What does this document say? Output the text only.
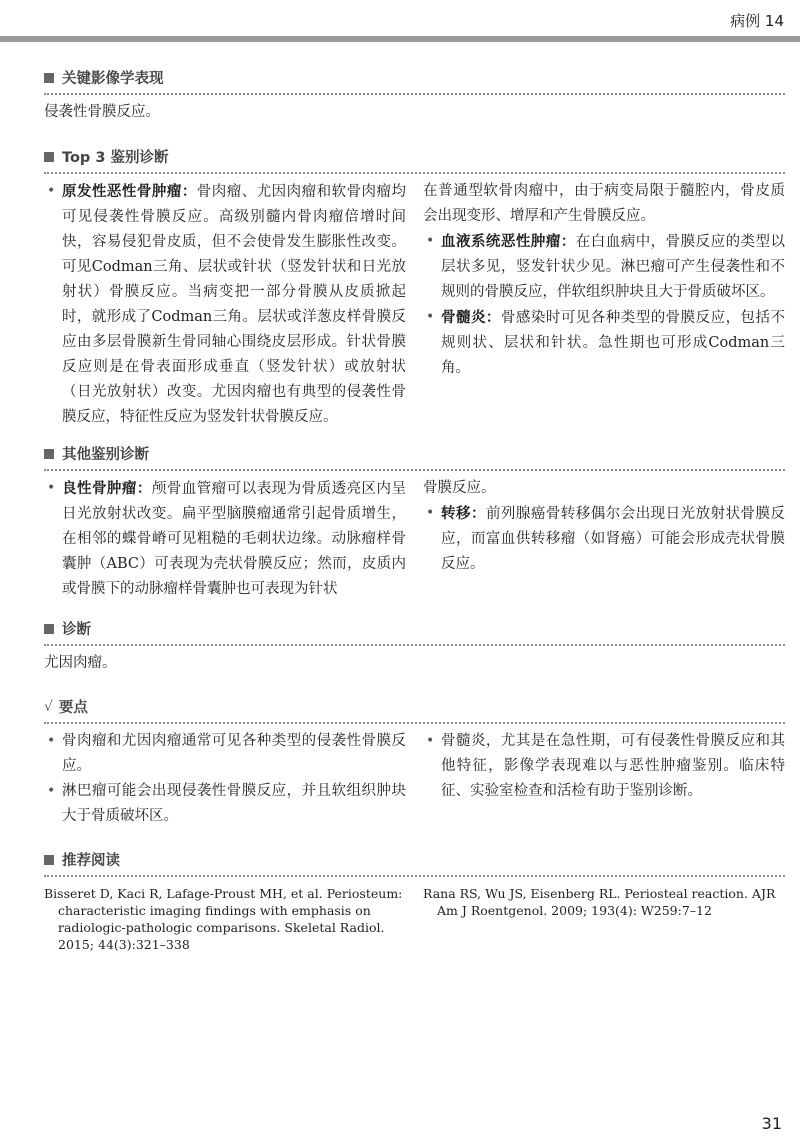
病例 14
关键影像学表现
侵袭性骨膜反应。
Top 3 鉴别诊断
• 原发性恶性骨肿瘤：骨肉瘤、尤因肉瘤和软骨肉瘤均可见侵袭性骨膜反应。高级别髓内骨肉瘤倍增时间快，容易侵犯骨皮质，但不会使骨发生膨胀性改变。可见Codman三角、层状或针状（竖发针状和日光放射状）骨膜反应。当病变把一部分骨膜从皮质掀起时，就形成了Codman三角。层状或洋葱皮样骨膜反应由多层骨膜新生骨同轴心围绕皮层形成。针状骨膜反应则是在骨表面形成垂直（竖发针状）或放射状（日光放射状）改变。尤因肉瘤也有典型的侵袭性骨膜反应，特征性反应为竖发针状骨膜反应。
在普通型软骨肉瘤中，由于病变局限于髓腔内，骨皮质会出现变形、增厚和产生骨膜反应。
• 血液系统恶性肿瘤：在白血病中，骨膜反应的类型以层状多见，竖发针状少见。淋巴瘤可产生侵袭性和不规则的骨膜反应，伴软组织肿块且大于骨质破坏区。
• 骨髓炎：骨感染时可见各种类型的骨膜反应，包括不规则状、层状和针状。急性期也可形成Codman三角。
其他鉴别诊断
• 良性骨肿瘤：颅骨血管瘤可以表现为骨质透亮区内呈日光放射状改变。扁平型脑膜瘤通常引起骨质增生，在相邻的蝶骨嵴可见粗糙的毛刺状边缘。动脉瘤样骨囊肿（ABC）可表现为壳状骨膜反应；然而，皮质内或骨膜下的动脉瘤样骨囊肿也可表现为针状
骨膜反应。
• 转移：前列腺癌骨转移偶尔会出现日光放射状骨膜反应，而富血供转移瘤（如肾癌）可能会形成壳状骨膜反应。
诊断
尤因肉瘤。
√ 要点
• 骨肉瘤和尤因肉瘤通常可见各种类型的侵袭性骨膜反应。
• 淋巴瘤可能会出现侵袭性骨膜反应，并且软组织肿块大于骨质破坏区。
• 骨髓炎，尤其是在急性期，可有侵袭性骨膜反应和其他特征，影像学表现难以与恶性肿瘤鉴别。临床特征、实验室检查和活检有助于鉴别诊断。
推荐阅读
Bisseret D, Kaci R, Lafage-Proust MH, et al. Periosteum: characteristic imaging findings with emphasis on radiologic-pathologic comparisons. Skeletal Radiol. 2015; 44(3):321–338
Rana RS, Wu JS, Eisenberg RL. Periosteal reaction. AJR Am J Roentgenol. 2009; 193(4): W259:7–12
31
